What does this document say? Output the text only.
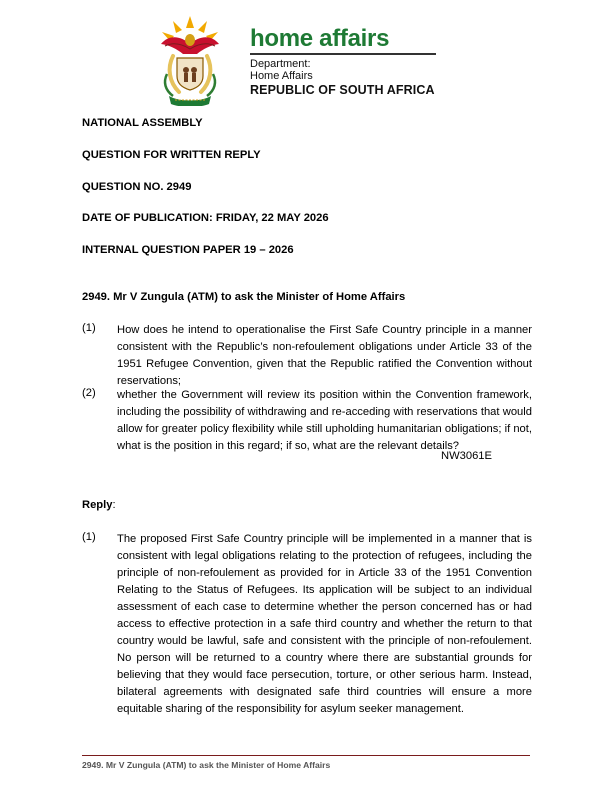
home affairs
Department:
Home Affairs
REPUBLIC OF SOUTH AFRICA
NATIONAL ASSEMBLY
QUESTION FOR WRITTEN REPLY
QUESTION NO. 2949
DATE OF PUBLICATION: FRIDAY, 22 MAY 2026
INTERNAL QUESTION PAPER 19 – 2026
2949. Mr V Zungula (ATM) to ask the Minister of Home Affairs
(1) How does he intend to operationalise the First Safe Country principle in a manner consistent with the Republic’s non-refoulement obligations under Article 33 of the 1951 Refugee Convention, given that the Republic ratified the Convention without reservations;
(2) whether the Government will review its position within the Convention framework, including the possibility of withdrawing and re-acceding with reservations that would allow for greater policy flexibility while still upholding humanitarian obligations; if not, what is the position in this regard; if so, what are the relevant details?
NW3061E
Reply:
(1) The proposed First Safe Country principle will be implemented in a manner that is consistent with legal obligations relating to the protection of refugees, including the principle of non-refoulement as provided for in Article 33 of the 1951 Convention Relating to the Status of Refugees. Its application will be subject to an individual assessment of each case to determine whether the person concerned has or had access to effective protection in a safe third country and whether the return to that country would be lawful, safe and consistent with the principle of non-refoulement. No person will be returned to a country where there are substantial grounds for believing that they would face persecution, torture, or other serious harm. Instead, bilateral agreements with designated safe third countries will ensure a more equitable sharing of the responsibility for asylum seeker management.
2949. Mr V Zungula (ATM) to ask the Minister of Home Affairs
